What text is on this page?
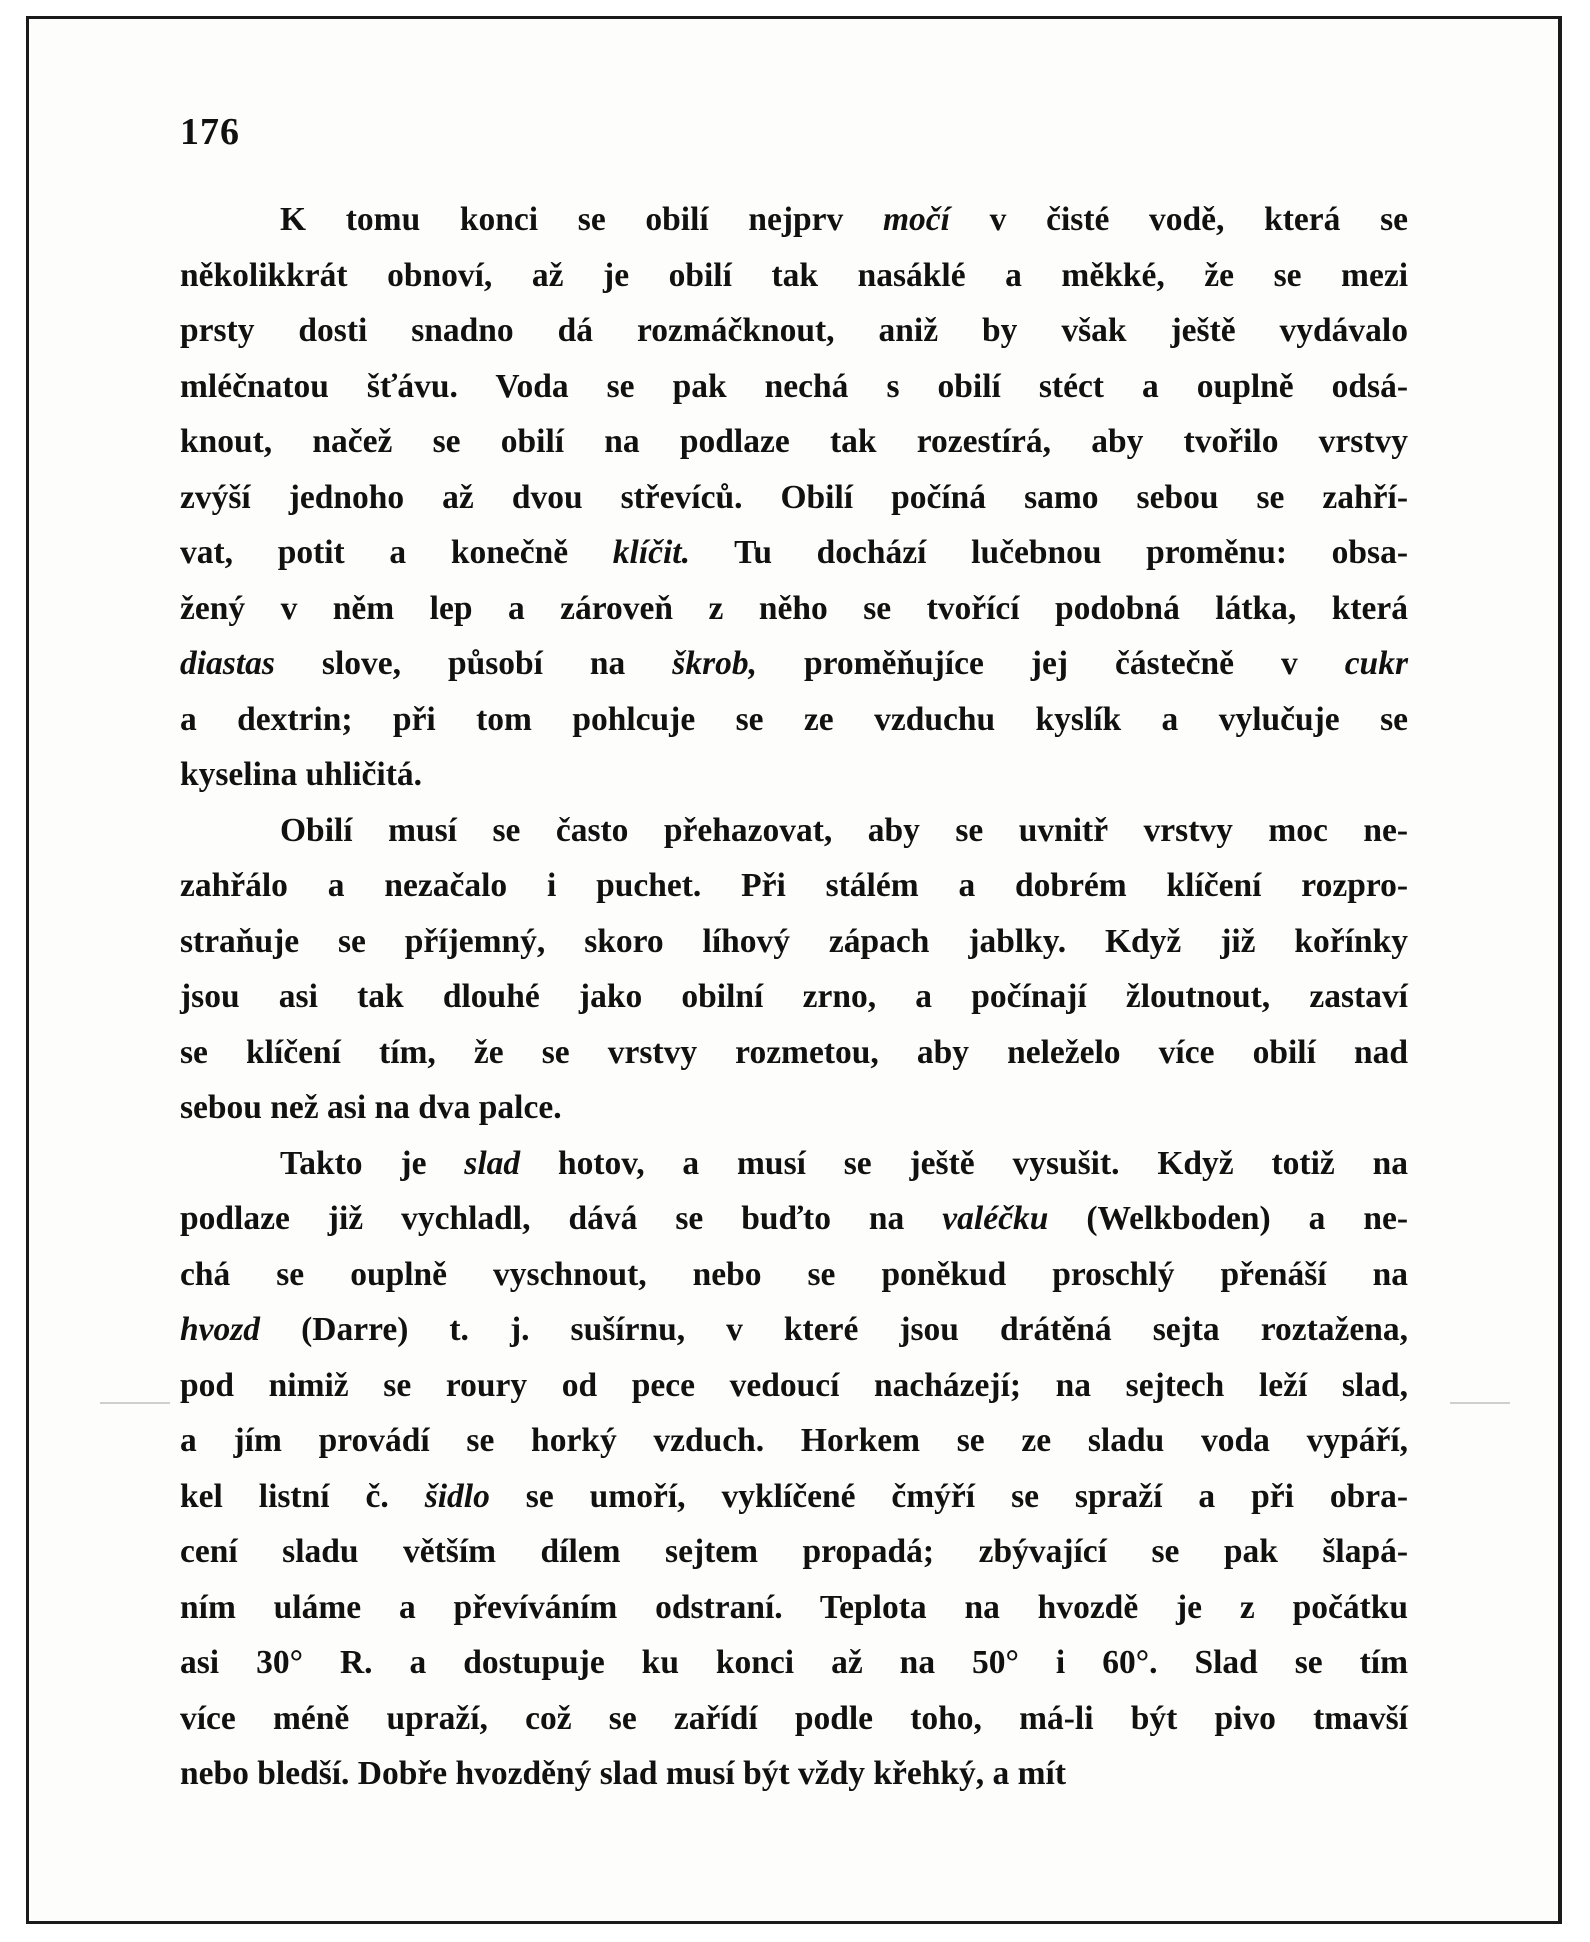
176

K tomu konci se obilí nejprv močí v čisté vodě, která se
několikkrát obnoví, až je obilí tak nasáklé a měkké, že se mezi
prsty dosti snadno dá rozmáčknout, aniž by však ještě vydávalo
mléčnatou šťávu. Voda se pak nechá s obilí stéct a ouplně odsá-
knout, načež se obilí na podlaze tak rozestírá, aby tvořilo vrstvy
zvýší jednoho až dvou střevíců. Obilí počíná samo sebou se zahří-
vat, potit a konečně klíčit. Tu dochází lučebnou proměnu: obsa-
žený v něm lep a zároveň z něho se tvořící podobná látka, která
diastas slove, působí na škrob, proměňujíce jej částečně v cukr
a dextrin; při tom pohlcuje se ze vzduchu kyslík a vylučuje se
kyselina uhličitá.

Obilí musí se často přehazovat, aby se uvnitř vrstvy moc ne-
zahřálo a nezačalo i puchet. Při stálém a dobrém klíčení rozpro-
straňuje se příjemný, skoro líhový zápach jablky. Když již kořínky
jsou asi tak dlouhé jako obilní zrno, a počínají žloutnout, zastaví
se klíčení tím, že se vrstvy rozmetou, aby neleželo více obilí nad
sebou než asi na dva palce.

Takto je slad hotov, a musí se ještě vysušit. Když totiž na
podlaze již vychladl, dává se buďto na valéčku (Welkboden) a ne-
chá se ouplně vyschnout, nebo se poněkud proschlý přenáší na
hvozd (Darre) t. j. sušírnu, v které jsou drátěná sejta roztažena,
pod nimiž se roury od pece vedoucí nacházejí; na sejtech leží slad,
a jím provádí se horký vzduch. Horkem se ze sladu voda vypáří,
kel listní č. šidlo se umoří, vyklíčené čmýří se spraží a při obra-
cení sladu větším dílem sejtem propadá; zbývající se pak šlapá-
ním uláme a převíváním odstraní. Teplota na hvozdě je z počátku
asi 30° R. a dostupuje ku konci až na 50° i 60°. Slad se tím
více méně upraží, což se zařídí podle toho, má-li být pivo tmavší
nebo bledší. Dobře hvozděný slad musí být vždy křehký, a mít
